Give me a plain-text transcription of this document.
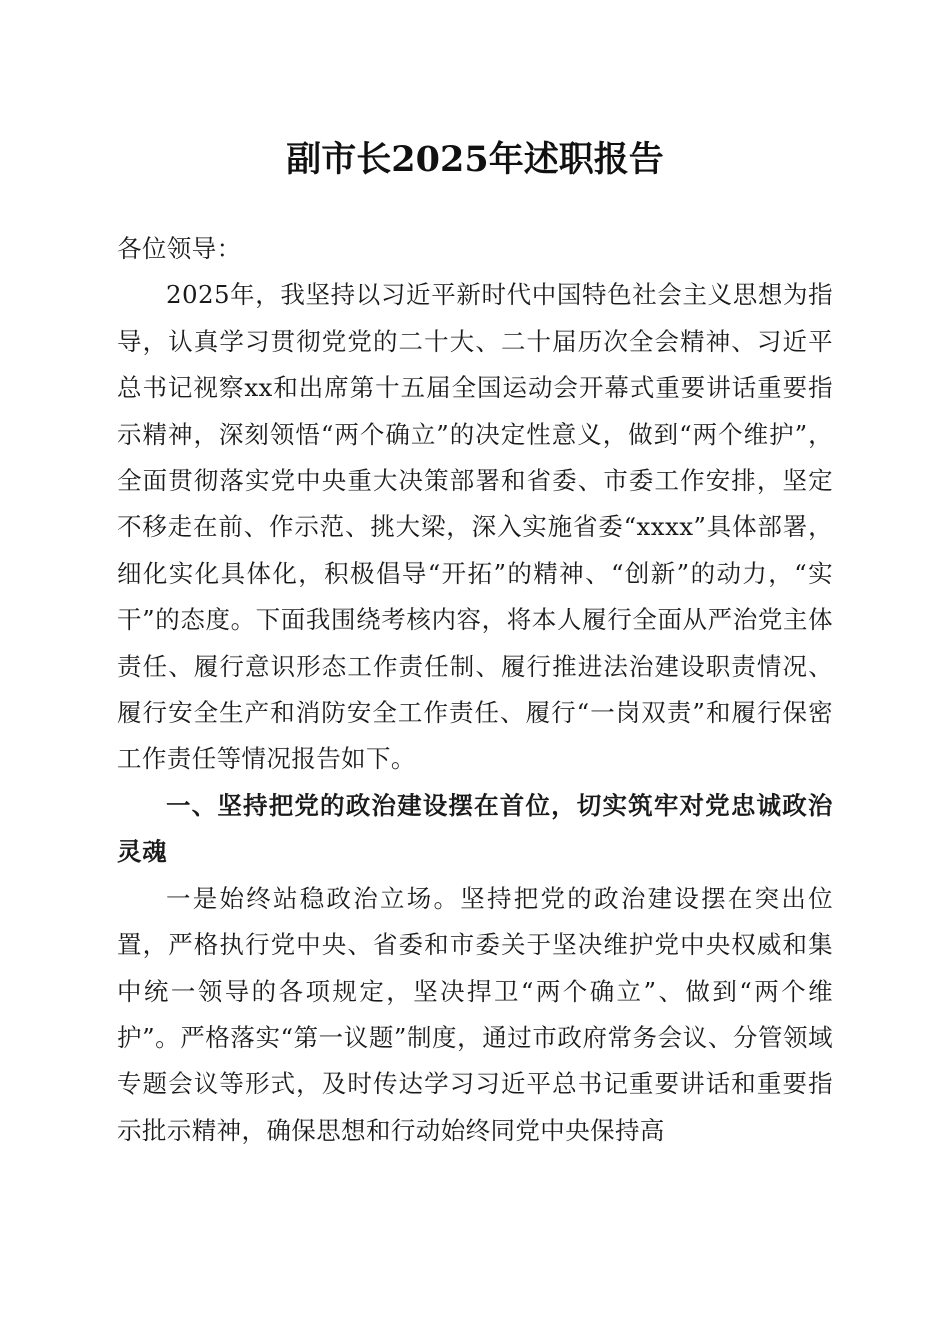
副市长2025年述职报告

各位领导：

2025年，我坚持以习近平新时代中国特色社会主义思想为指导，认真学习贯彻党党的二十大、二十届历次全会精神、习近平总书记视察xx和出席第十五届全国运动会开幕式重要讲话重要指示精神，深刻领悟“两个确立”的决定性意义，做到“两个维护”，全面贯彻落实党中央重大决策部署和省委、市委工作安排，坚定不移走在前、作示范、挑大梁，深入实施省委“xxxx”具体部署，细化实化具体化，积极倡导“开拓”的精神、“创新”的动力，“实干”的态度。下面我围绕考核内容，将本人履行全面从严治党主体责任、履行意识形态工作责任制、履行推进法治建设职责情况、履行安全生产和消防安全工作责任、履行“一岗双责”和履行保密工作责任等情况报告如下。

一、坚持把党的政治建设摆在首位，切实筑牢对党忠诚政治灵魂

一是始终站稳政治立场。坚持把党的政治建设摆在突出位置，严格执行党中央、省委和市委关于坚决维护党中央权威和集中统一领导的各项规定，坚决捍卫“两个确立”、做到“两个维护”。严格落实“第一议题”制度，通过市政府常务会议、分管领域专题会议等形式，及时传达学习习近平总书记重要讲话和重要指示批示精神，确保思想和行动始终同党中央保持高
